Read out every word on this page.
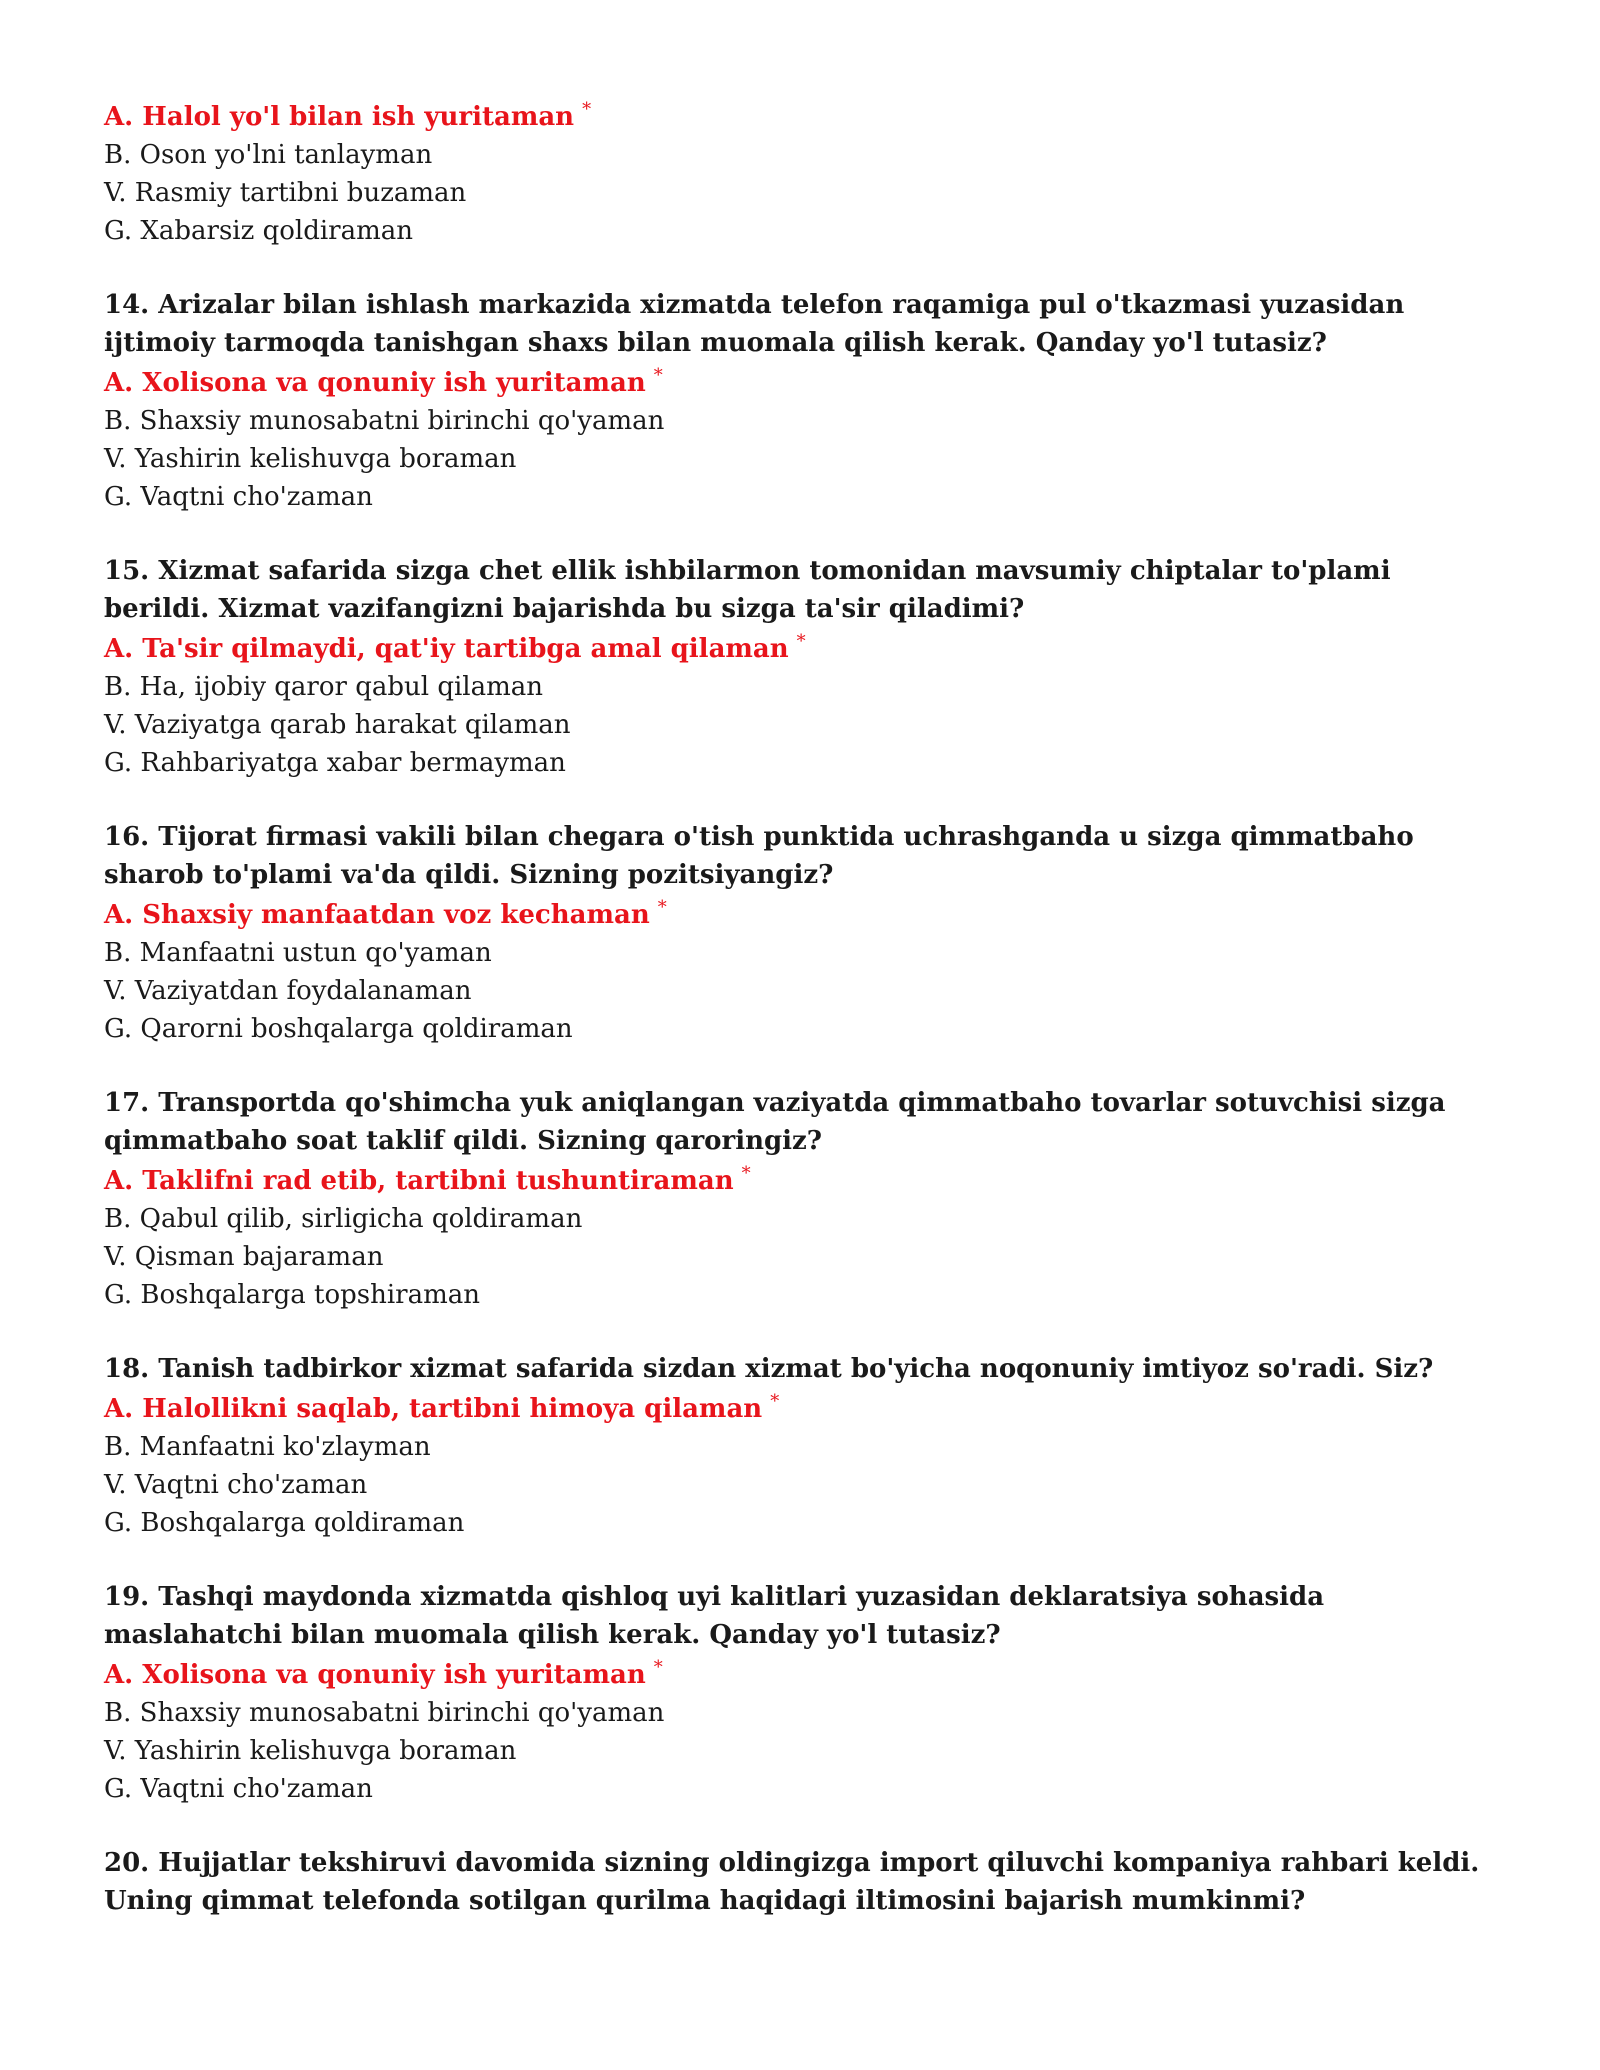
A. Halol yo'l bilan ish yuritaman *

B. Oson yo'lni tanlayman

V. Rasmiy tartibni buzaman

G. Xabarsiz qoldiraman

14. Arizalar bilan ishlash markazida xizmatda telefon raqamiga pul o'tkazmasi yuzasidan ijtimoiy tarmoqda tanishgan shaxs bilan muomala qilish kerak. Qanday yo'l tutasiz?

A. Xolisona va qonuniy ish yuritaman *

B. Shaxsiy munosabatni birinchi qo'yaman

V. Yashirin kelishuvga boraman

G. Vaqtni cho'zaman

15. Xizmat safarida sizga chet ellik ishbilarmon tomonidan mavsumiy chiptalar to'plami berildi. Xizmat vazifangizni bajarishda bu sizga ta'sir qiladimi?

A. Ta'sir qilmaydi, qat'iy tartibga amal qilaman *

B. Ha, ijobiy qaror qabul qilaman

V. Vaziyatga qarab harakat qilaman

G. Rahbariyatga xabar bermayman

16. Tijorat firmasi vakili bilan chegara o'tish punktida uchrashganda u sizga qimmatbaho sharob to'plami va'da qildi. Sizning pozitsiyangiz?

A. Shaxsiy manfaatdan voz kechaman *

B. Manfaatni ustun qo'yaman

V. Vaziyatdan foydalanaman

G. Qarorni boshqalarga qoldiraman

17. Transportda qo'shimcha yuk aniqlangan vaziyatda qimmatbaho tovarlar sotuvchisi sizga qimmatbaho soat taklif qildi. Sizning qaroringiz?

A. Taklifni rad etib, tartibni tushuntiraman *

B. Qabul qilib, sirligicha qoldiraman

V. Qisman bajaraman

G. Boshqalarga topshiraman

18. Tanish tadbirkor xizmat safarida sizdan xizmat bo'yicha noqonuniy imtiyoz so'radi. Siz?

A. Halollikni saqlab, tartibni himoya qilaman *

B. Manfaatni ko'zlayman

V. Vaqtni cho'zaman

G. Boshqalarga qoldiraman

19. Tashqi maydonda xizmatda qishloq uyi kalitlari yuzasidan deklaratsiya sohasida maslahatchi bilan muomala qilish kerak. Qanday yo'l tutasiz?

A. Xolisona va qonuniy ish yuritaman *

B. Shaxsiy munosabatni birinchi qo'yaman

V. Yashirin kelishuvga boraman

G. Vaqtni cho'zaman

20. Hujjatlar tekshiruvi davomida sizning oldingizga import qiluvchi kompaniya rahbari keldi. Uning qimmat telefonda sotilgan qurilma haqidagi iltimosini bajarish mumkinmi?
